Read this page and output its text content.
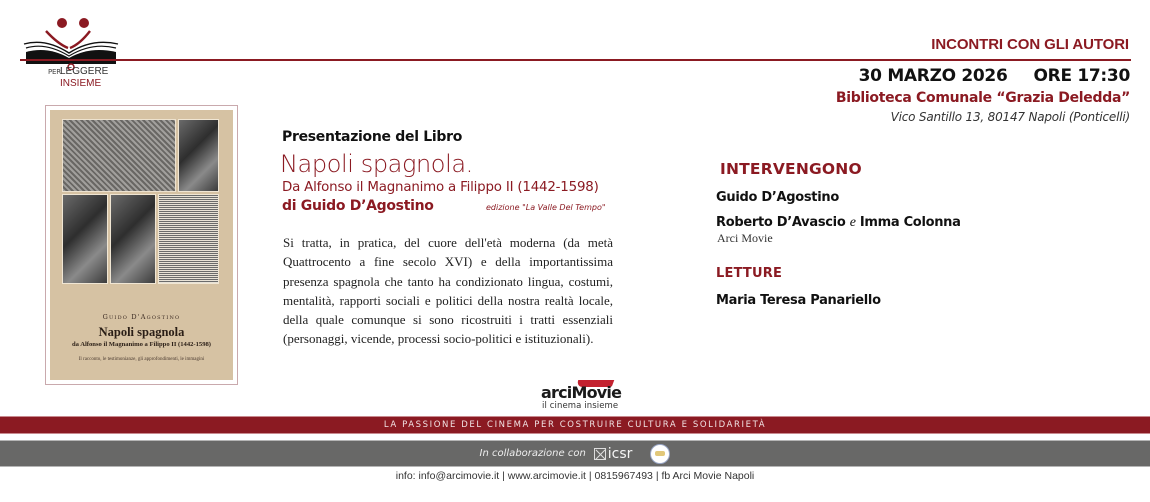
PER LEGGERE
INSIEME
INCONTRI CON GLI AUTORI
30 MARZO 2026 ORE 17:30
Biblioteca Comunale “Grazia Deledda”
Vico Santillo 13, 80147 Napoli (Ponticelli)
Guido D'Agostino
Napoli spagnola
da Alfonso il Magnanimo a Filippo II (1442-1598)
Il racconto, le testimonianze, gli approfondimenti, le immagini
Presentazione del Libro
Napoli spagnola.
Da Alfonso il Magnanimo a Filippo II (1442-1598)
di Guido D’Agostino	edizione "La Valle Del Tempo"
Si tratta, in pratica, del cuore dell'età moderna (da metà Quattrocento a fine secolo XVI) e della importantissima presenza spagnola che tanto ha condizionato lingua, costumi, mentalità, rapporti sociali e politici della nostra realtà locale, della quale comunque si sono ricostruiti i tratti essenziali (personaggi, vicende, processi socio-politici e istituzionali).
INTERVENGONO
Guido D’Agostino
Roberto D’Avascio e Imma Colonna
Arci Movie
LETTURE
Maria Teresa Panariello
arciMovie
il cinema insieme
LA PASSIONE DEL CINEMA PER COSTRUIRE CULTURA E SOLIDARIETÀ
In collaborazione con icsr
info: info@arcimovie.it | www.arcimovie.it | 0815967493 | fb Arci Movie Napoli
